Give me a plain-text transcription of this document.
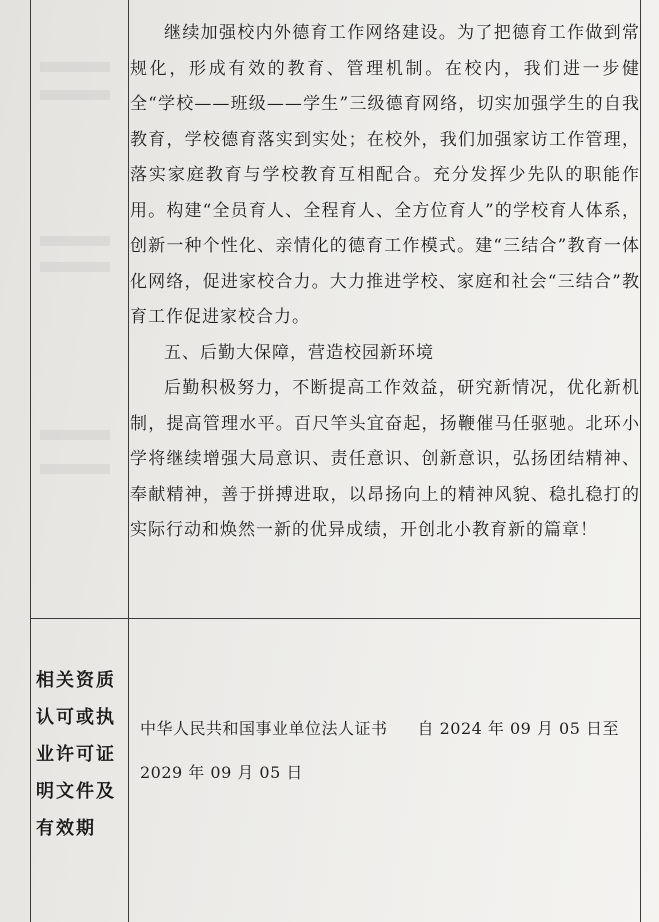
继续加强校内外德育工作网络建设。为了把德育工作做到常规化，形成有效的教育、管理机制。在校内，我们进一步健全“学校——班级——学生”三级德育网络，切实加强学生的自我教育，学校德育落实到实处；在校外，我们加强家访工作管理，落实家庭教育与学校教育互相配合。充分发挥少先队的职能作用。构建“全员育人、全程育人、全方位育人”的学校育人体系，创新一种个性化、亲情化的德育工作模式。建“三结合”教育一体化网络，促进家校合力。大力推进学校、家庭和社会“三结合”教育工作促进家校合力。

五、后勤大保障，营造校园新环境

后勤积极努力，不断提高工作效益，研究新情况，优化新机制，提高管理水平。百尺竿头宜奋起，扬鞭催马任驱驰。北环小学将继续增强大局意识、责任意识、创新意识，弘扬团结精神、奉献精神，善于拼搏进取，以昂扬向上的精神风貌、稳扎稳打的实际行动和焕然一新的优异成绩，开创北小教育新的篇章！

相关资质认可或执业许可证明文件及有效期
中华人民共和国事业单位法人证书 自 2024 年 09 月 05 日至 2029 年 09 月 05 日
